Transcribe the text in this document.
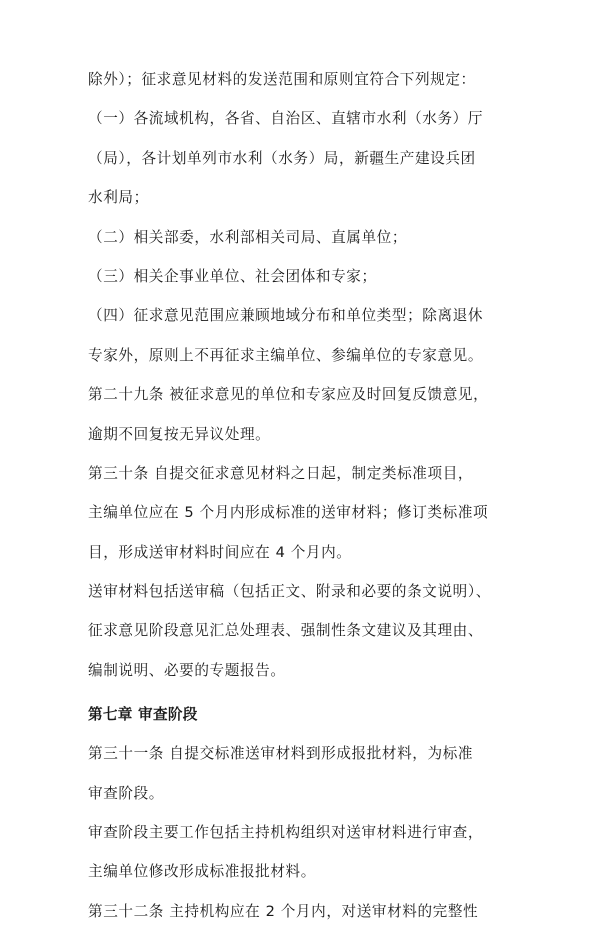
除外）；征求意见材料的发送范围和原则宜符合下列规定：
（一）各流域机构，各省、自治区、直辖市水利（水务）厅
（局），各计划单列市水利（水务）局，新疆生产建设兵团
水利局；
（二）相关部委，水利部相关司局、直属单位；
（三）相关企事业单位、社会团体和专家；
（四）征求意见范围应兼顾地域分布和单位类型；除离退休
专家外，原则上不再征求主编单位、参编单位的专家意见。
第二十九条 被征求意见的单位和专家应及时回复反馈意见，
逾期不回复按无异议处理。
第三十条 自提交征求意见材料之日起，制定类标准项目，
主编单位应在 5 个月内形成标准的送审材料；修订类标准项
目，形成送审材料时间应在 4 个月内。
送审材料包括送审稿（包括正文、附录和必要的条文说明）、
征求意见阶段意见汇总处理表、强制性条文建议及其理由、
编制说明、必要的专题报告。
第七章 审查阶段
第三十一条 自提交标准送审材料到形成报批材料，为标准
审查阶段。
审查阶段主要工作包括主持机构组织对送审材料进行审查，
主编单位修改形成标准报批材料。
第三十二条 主持机构应在 2 个月内，对送审材料的完整性
